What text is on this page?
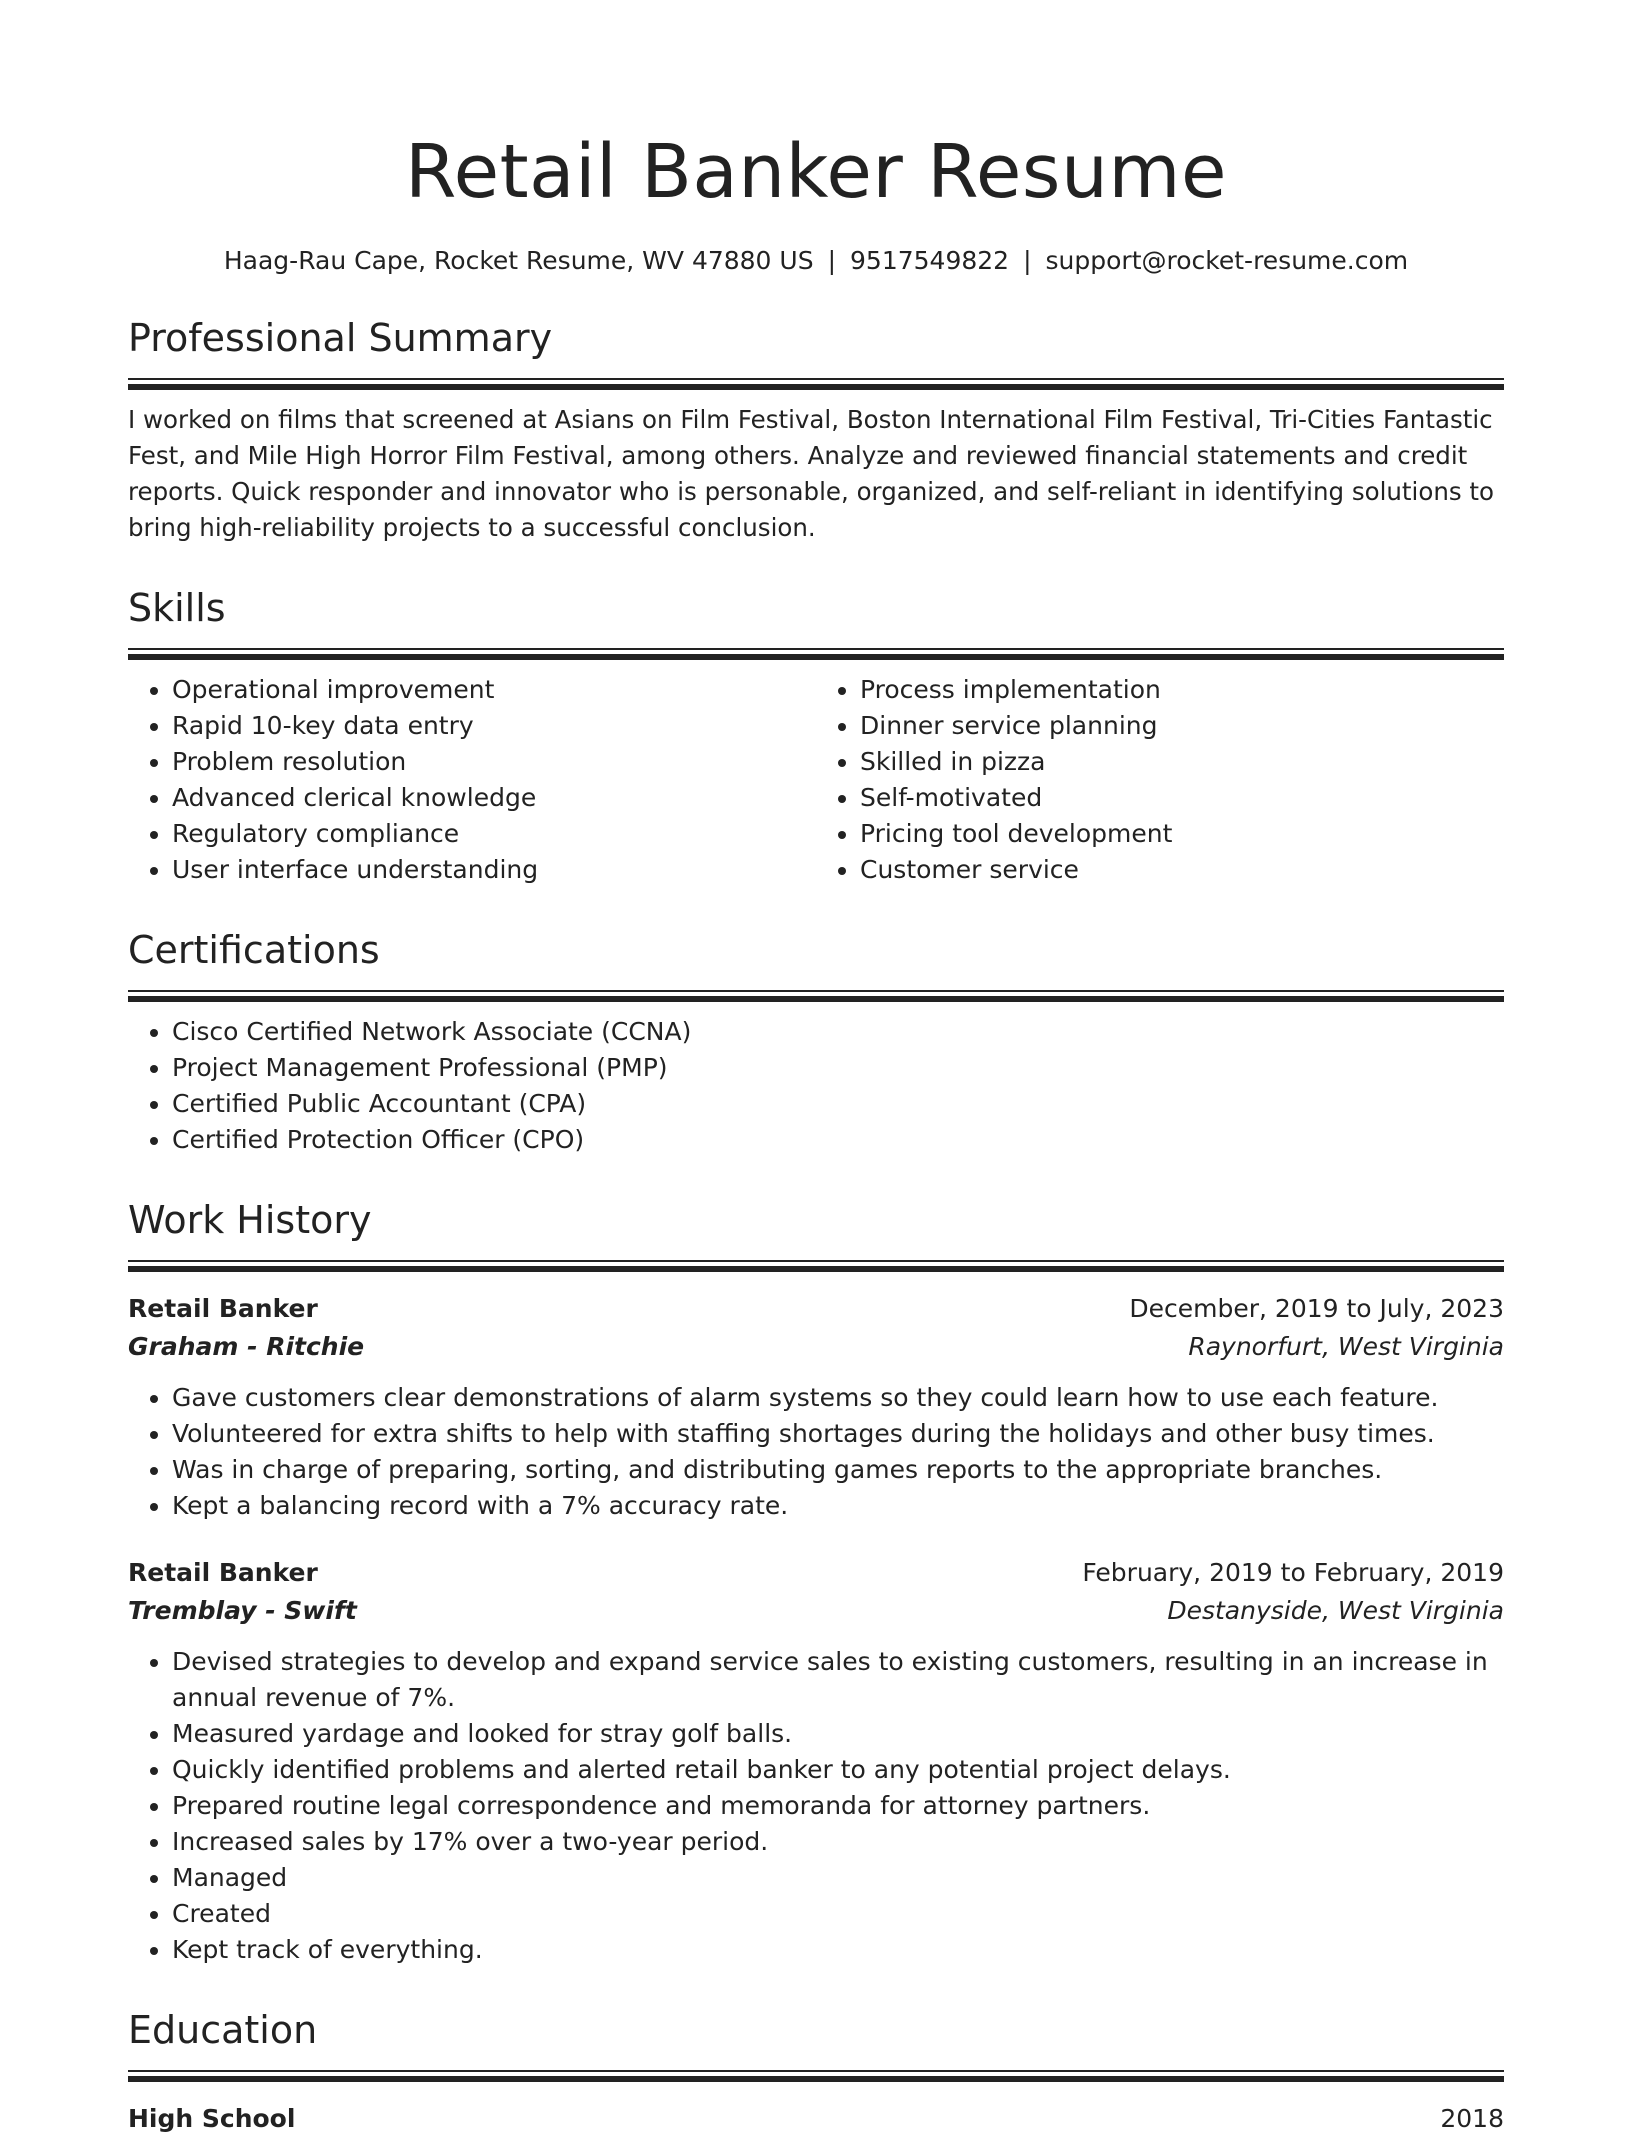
Retail Banker Resume
Haag-Rau Cape, Rocket Resume, WV 47880 US | 9517549822 | support@rocket-resume.com
Professional Summary

I worked on films that screened at Asians on Film Festival, Boston International Film Festival, Tri-Cities Fantastic Fest, and Mile High Horror Film Festival, among others. Analyze and reviewed financial statements and credit reports. Quick responder and innovator who is personable, organized, and self-reliant in identifying solutions to bring high-reliability projects to a successful conclusion.

Skills
• Operational improvement
• Rapid 10-key data entry
• Problem resolution
• Advanced clerical knowledge
• Regulatory compliance
• User interface understanding
• Process implementation
• Dinner service planning
• Skilled in pizza
• Self-motivated
• Pricing tool development
• Customer service
Certifications
• Cisco Certified Network Associate (CCNA)
• Project Management Professional (PMP)
• Certified Public Accountant (CPA)
• Certified Protection Officer (CPO)
Work History
Retail Banker	December, 2019 to July, 2023
Graham - Ritchie	Raynorfurt, West Virginia
• Gave customers clear demonstrations of alarm systems so they could learn how to use each feature.
• Volunteered for extra shifts to help with staffing shortages during the holidays and other busy times.
• Was in charge of preparing, sorting, and distributing games reports to the appropriate branches.
• Kept a balancing record with a 7% accuracy rate.
Retail Banker	February, 2019 to February, 2019
Tremblay - Swift	Destanyside, West Virginia
• Devised strategies to develop and expand service sales to existing customers, resulting in an increase in annual revenue of 7%.
• Measured yardage and looked for stray golf balls.
• Quickly identified problems and alerted retail banker to any potential project delays.
• Prepared routine legal correspondence and memoranda for attorney partners.
• Increased sales by 17% over a two-year period.
• Managed
• Created
• Kept track of everything.
Education
High School	2018
